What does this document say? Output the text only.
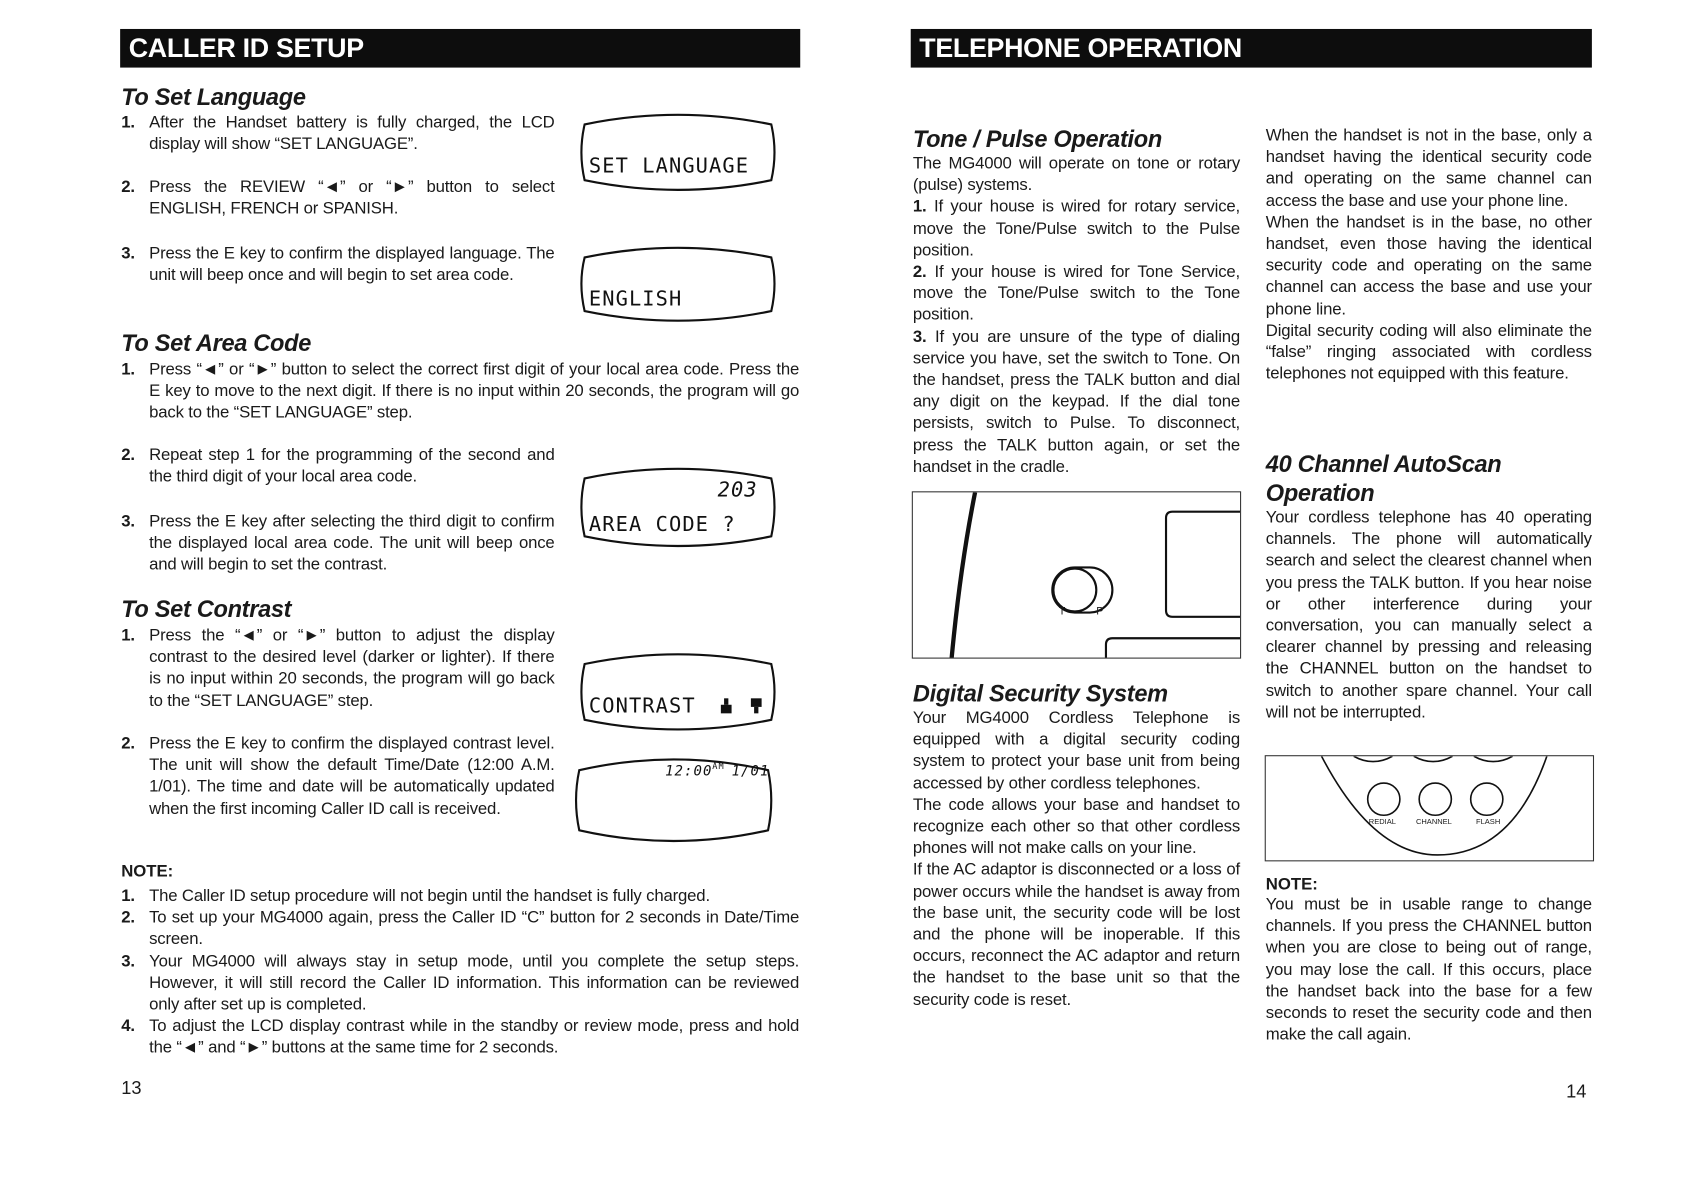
CALLER ID SETUP
To Set Language
1. After the Handset battery is fully charged, the LCD display will show “SET LANGUAGE”.
2. Press the REVIEW “◄” or “►” button to select ENGLISH, FRENCH or SPANISH.
3. Press the E key to confirm the displayed language. The unit will beep once and will begin to set area code.
SET LANGUAGE
ENGLISH
To Set Area Code
1. Press “◄” or “►” button to select the correct first digit of your local area code. Press the E key to move to the next digit. If there is no input within 20 seconds, the program will go back to the “SET LANGUAGE” step.
2. Repeat step 1 for the programming of the second and the third digit of your local area code.
3. Press the E key after selecting the third digit to confirm the displayed local area code. The unit will beep once and will begin to set the contrast.
203
AREA CODE ?
To Set Contrast
1. Press the “◄” or “►” button to adjust the display contrast to the desired level (darker or lighter). If there is no input within 20 seconds, the program will go back to the “SET LANGUAGE” step.
2. Press the E key to confirm the displayed contrast level. The unit will show the default Time/Date (12:00 A.M. 1/01). The time and date will be automatically updated when the first incoming Caller ID call is received.
CONTRAST
12:00 AM 1/01
NOTE:
1. The Caller ID setup procedure will not begin until the handset is fully charged.
2. To set up your MG4000 again, press the Caller ID “C” button for 2 seconds in Date/Time screen.
3. Your MG4000 will always stay in setup mode, until you complete the setup steps. However, it will still record the Caller ID information. This information can be reviewed only after set up is completed.
4. To adjust the LCD display contrast while in the standby or review mode, press and hold the “◄” and “►” buttons at the same time for 2 seconds.
13
TELEPHONE OPERATION
Tone / Pulse Operation
The MG4000 will operate on tone or rotary (pulse) systems.
1. If your house is wired for rotary service, move the Tone/Pulse switch to the Pulse position.
2. If your house is wired for Tone Service, move the Tone/Pulse switch to the Tone position.
3. If you are unsure of the type of dialing service you have, set the switch to Tone. On the handset, press the TALK button and dial any digit on the keypad. If the dial tone persists, switch to Pulse. To disconnect, press the TALK button again, or set the handset in the cradle.
T	P
Digital Security System
Your MG4000 Cordless Telephone is equipped with a digital security coding system to protect your base unit from being accessed by other cordless telephones.
The code allows your base and handset to recognize each other so that other cordless phones will not make calls on your line.
If the AC adaptor is disconnected or a loss of power occurs while the handset is away from the base unit, the security code will be lost and the phone will be inoperable. If this occurs, reconnect the AC adaptor and return the handset to the base unit so that the security code is reset.
When the handset is not in the base, only a handset having the identical security code and operating on the same channel can access the base and use your phone line.
When the handset is in the base, no other handset, even those having the identical security code and operating on the same channel can access the base and use your phone line.
Digital security coding will also eliminate the “false” ringing associated with cordless telephones not equipped with this feature.
40 Channel AutoScan Operation
Your cordless telephone has 40 operating channels. The phone will automatically search and select the clearest channel when you press the TALK button. If you hear noise or other interference during your conversation, you can manually select a clearer channel by pressing and releasing the CHANNEL button on the handset to switch to another spare channel. Your call will not be interrupted.
REDIAL	CHANNEL	FLASH
NOTE:
You must be in usable range to change channels. If you press the CHANNEL button when you are close to being out of range, you may lose the call. If this occurs, place the handset back into the base for a few seconds to reset the security code and then make the call again.
14
